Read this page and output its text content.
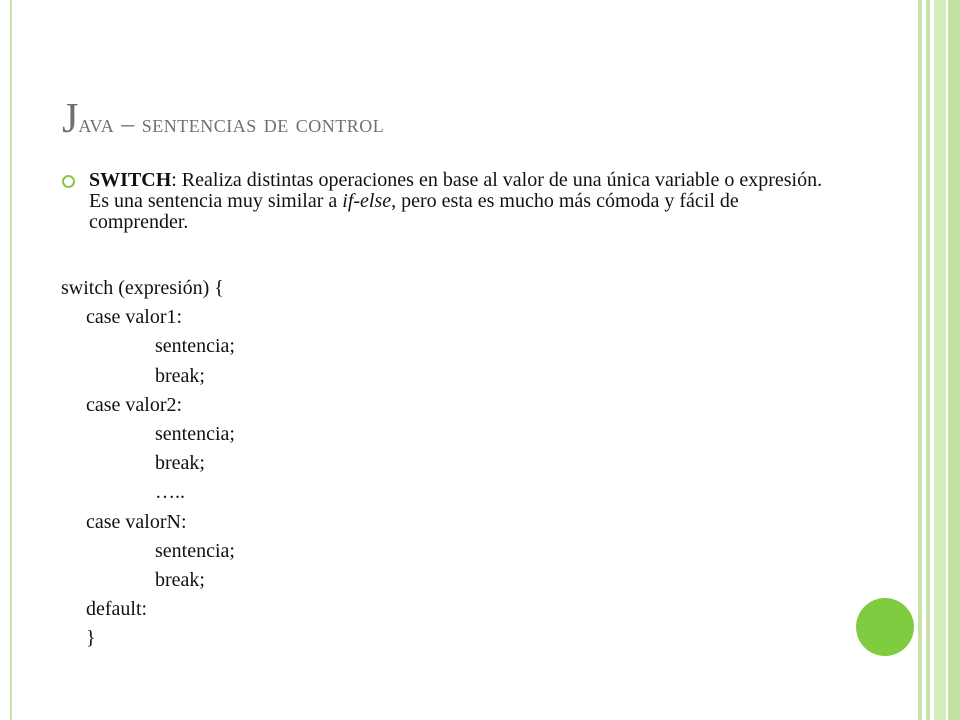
Java – sentencias de control

SWITCH: Realiza distintas operaciones en base al valor de una única variable o expresión. Es una sentencia muy similar a if-else, pero esta es mucho más cómoda y fácil de comprender.

switch (expresión) {
case valor1:
sentencia;
break;
case valor2:
sentencia;
break;
…..
case valorN:
sentencia;
break;
default:
}
